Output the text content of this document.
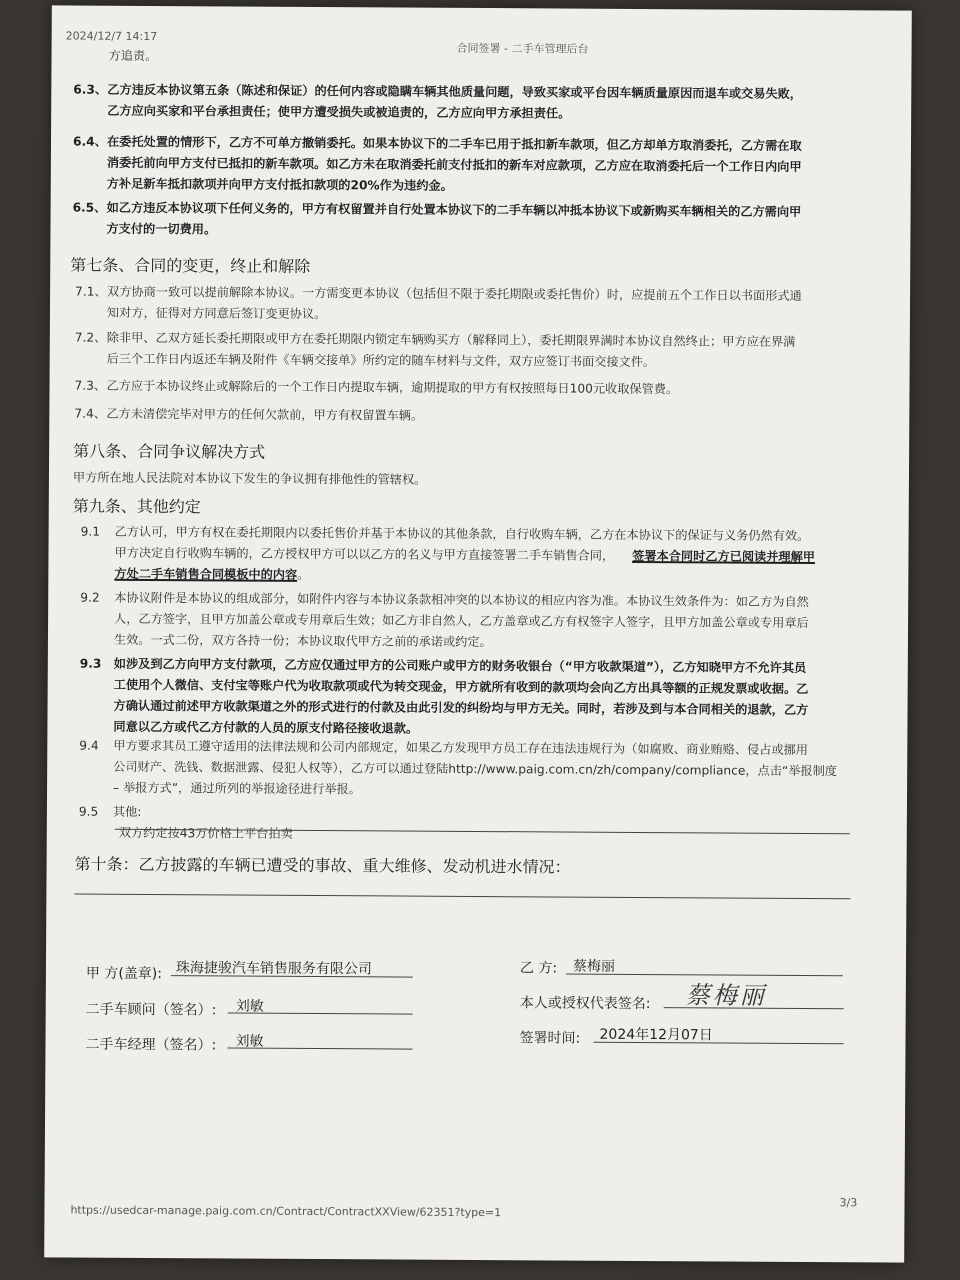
2024/12/7 14:17
合同签署 - 二手车管理后台
方追责。
6.3、 乙方违反本协议第五条（陈述和保证）的任何内容或隐瞒车辆其他质量问题，导致买家或平台因车辆质量原因而退车或交易失败，
乙方应向买家和平台承担责任；使甲方遭受损失或被追责的，乙方应向甲方承担责任。
6.4、 在委托处置的情形下，乙方不可单方撤销委托。如果本协议下的二手车已用于抵扣新车款项，但乙方却单方取消委托，乙方需在取
消委托前向甲方支付已抵扣的新车款项。如乙方未在取消委托前支付抵扣的新车对应款项，乙方应在取消委托后一个工作日内向甲
方补足新车抵扣款项并向甲方支付抵扣款项的20%作为违约金。
6.5、 如乙方违反本协议项下任何义务的，甲方有权留置并自行处置本协议下的二手车辆以冲抵本协议下或新购买车辆相关的乙方需向甲
方支付的一切费用。
第七条、合同的变更，终止和解除
7.1、 双方协商一致可以提前解除本协议。一方需变更本协议（包括但不限于委托期限或委托售价）时，应提前五个工作日以书面形式通
知对方，征得对方同意后签订变更协议。
7.2、 除非甲、乙双方延长委托期限或甲方在委托期限内锁定车辆购买方（解释同上），委托期限界满时本协议自然终止；甲方应在界满
后三个工作日内返还车辆及附件《车辆交接单》所约定的随车材料与文件，双方应签订书面交接文件。
7.3、 乙方应于本协议终止或解除后的一个工作日内提取车辆，逾期提取的甲方有权按照每日100元收取保管费。
7.4、 乙方未清偿完毕对甲方的任何欠款前，甲方有权留置车辆。
第八条、合同争议解决方式
甲方所在地人民法院对本协议下发生的争议拥有排他性的管辖权。
第九条、其他约定
9.1 乙方认可，甲方有权在委托期限内以委托售价并基于本协议的其他条款，自行收购车辆，乙方在本协议下的保证与义务仍然有效。
甲方决定自行收购车辆的，乙方授权甲方可以以乙方的名义与甲方直接签署二手车销售合同， 签署本合同时乙方已阅读并理解甲
方处二手车销售合同模板中的内容。
9.2 本协议附件是本协议的组成部分，如附件内容与本协议条款相冲突的以本协议的相应内容为准。本协议生效条件为：如乙方为自然
人，乙方签字，且甲方加盖公章或专用章后生效；如乙方非自然人，乙方盖章或乙方有权签字人签字，且甲方加盖公章或专用章后
生效。一式二份，双方各持一份；本协议取代甲方之前的承诺或约定。
9.3 如涉及到乙方向甲方支付款项，乙方应仅通过甲方的公司账户或甲方的财务收银台（“甲方收款渠道”），乙方知晓甲方不允许其员
工使用个人微信、支付宝等账户代为收取款项或代为转交现金，甲方就所有收到的款项均会向乙方出具等额的正规发票或收据。乙
方确认通过前述甲方收款渠道之外的形式进行的付款及由此引发的纠纷均与甲方无关。同时，若涉及到与本合同相关的退款，乙方
同意以乙方或代乙方付款的人员的原支付路径接收退款。
9.4 甲方要求其员工遵守适用的法律法规和公司内部规定，如果乙方发现甲方员工存在违法违规行为（如腐败、商业贿赂、侵占或挪用
公司财产、洗钱、数据泄露、侵犯人权等），乙方可以通过登陆http://www.paig.com.cn/zh/company/compliance，点击“举报制度
– 举报方式”，通过所列的举报途径进行举报。
9.5 其他:
双方约定按43万价格上平台拍卖
第十条：乙方披露的车辆已遭受的事故、重大维修、发动机进水情况：
甲 方(盖章): 珠海捷骏汽车销售服务有限公司
二手车顾问（签名）: 刘敏
二手车经理（签名）: 刘敏
乙 方: 蔡梅丽
本人或授权代表签名: 蔡梅丽
签署时间: 2024年12月07日
https://usedcar-manage.paig.com.cn/Contract/ContractXXView/62351?type=1
3/3
